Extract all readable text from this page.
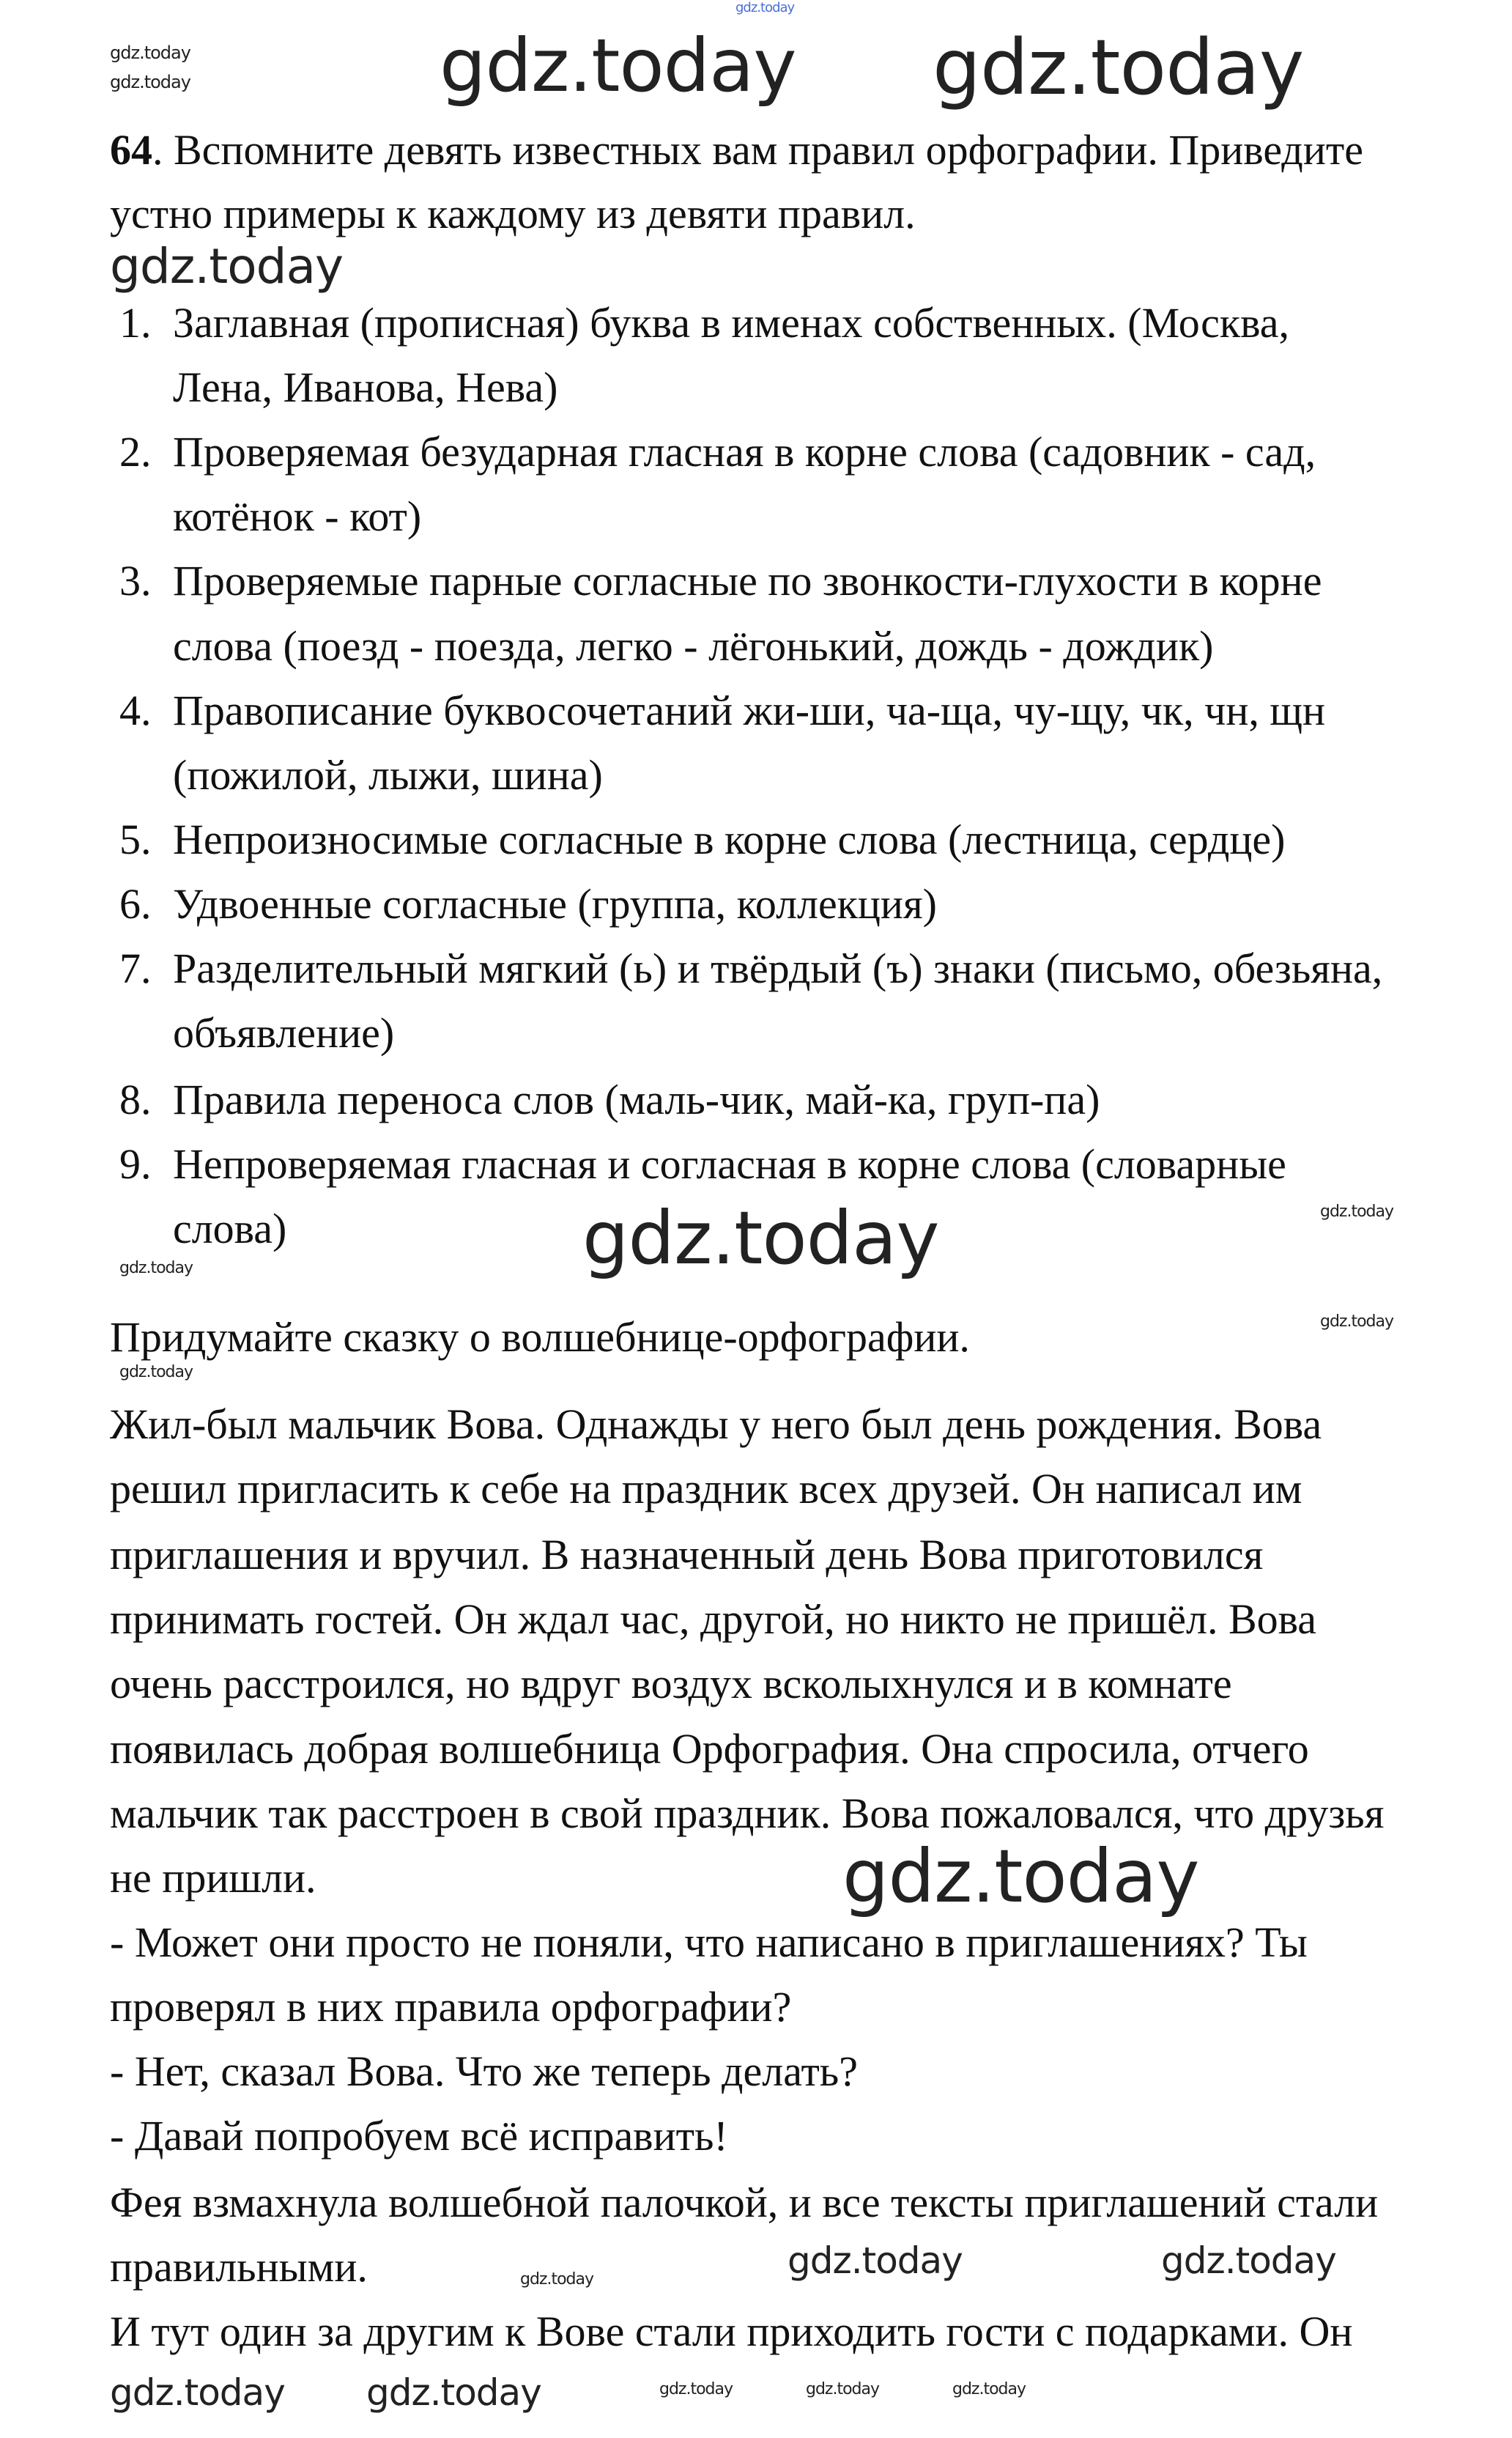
64. Вспомните девять известных вам правил орфографии. Приведите
устно примеры к каждому из девяти правил.
1. Заглавная (прописная) буква в именах собственных. (Москва,
Лена, Иванова, Нева)
2. Проверяемая безударная гласная в корне слова (садовник - сад,
котёнок - кот)
3. Проверяемые парные согласные по звонкости-глухости в корне
слова (поезд - поезда, легко - лёгонький, дождь - дождик)
4. Правописание буквосочетаний жи-ши, ча-ща, чу-щу, чк, чн, щн
(пожилой, лыжи, шина)
5. Непроизносимые согласные в корне слова (лестница, сердце)
6. Удвоенные согласные (группа, коллекция)
7. Разделительный мягкий (ь) и твёрдый (ъ) знаки (письмо, обезьяна,
объявление)
8. Правила переноса слов (маль-чик, май-ка, груп-па)
9. Непроверяемая гласная и согласная в корне слова (словарные
слова)
Придумайте сказку о волшебнице-орфографии.
Жил-был мальчик Вова. Однажды у него был день рождения. Вова
решил пригласить к себе на праздник всех друзей. Он написал им
приглашения и вручил. В назначенный день Вова приготовился
принимать гостей. Он ждал час, другой, но никто не пришёл. Вова
очень расстроился, но вдруг воздух всколыхнулся и в комнате
появилась добрая волшебница Орфография. Она спросила, отчего
мальчик так расстроен в свой праздник. Вова пожаловался, что друзья
не пришли.
- Может они просто не поняли, что написано в приглашениях? Ты
проверял в них правила орфографии?
- Нет, сказал Вова. Что же теперь делать?
- Давай попробуем всё исправить!
Фея взмахнула волшебной палочкой, и все тексты приглашений стали
правильными.
И тут один за другим к Вове стали приходить гости с подарками. Он
gdz.today
gdz.today
gdz.today
gdz.today	gdz.today
gdz.today
gdz.today	gdz.today
gdz.today	gdz.today
gdz.today
gdz.today
gdz.today
gdz.today
gdz.today
gdz.today
gdz.today
gdz.today	gdz.today	gdz.today
